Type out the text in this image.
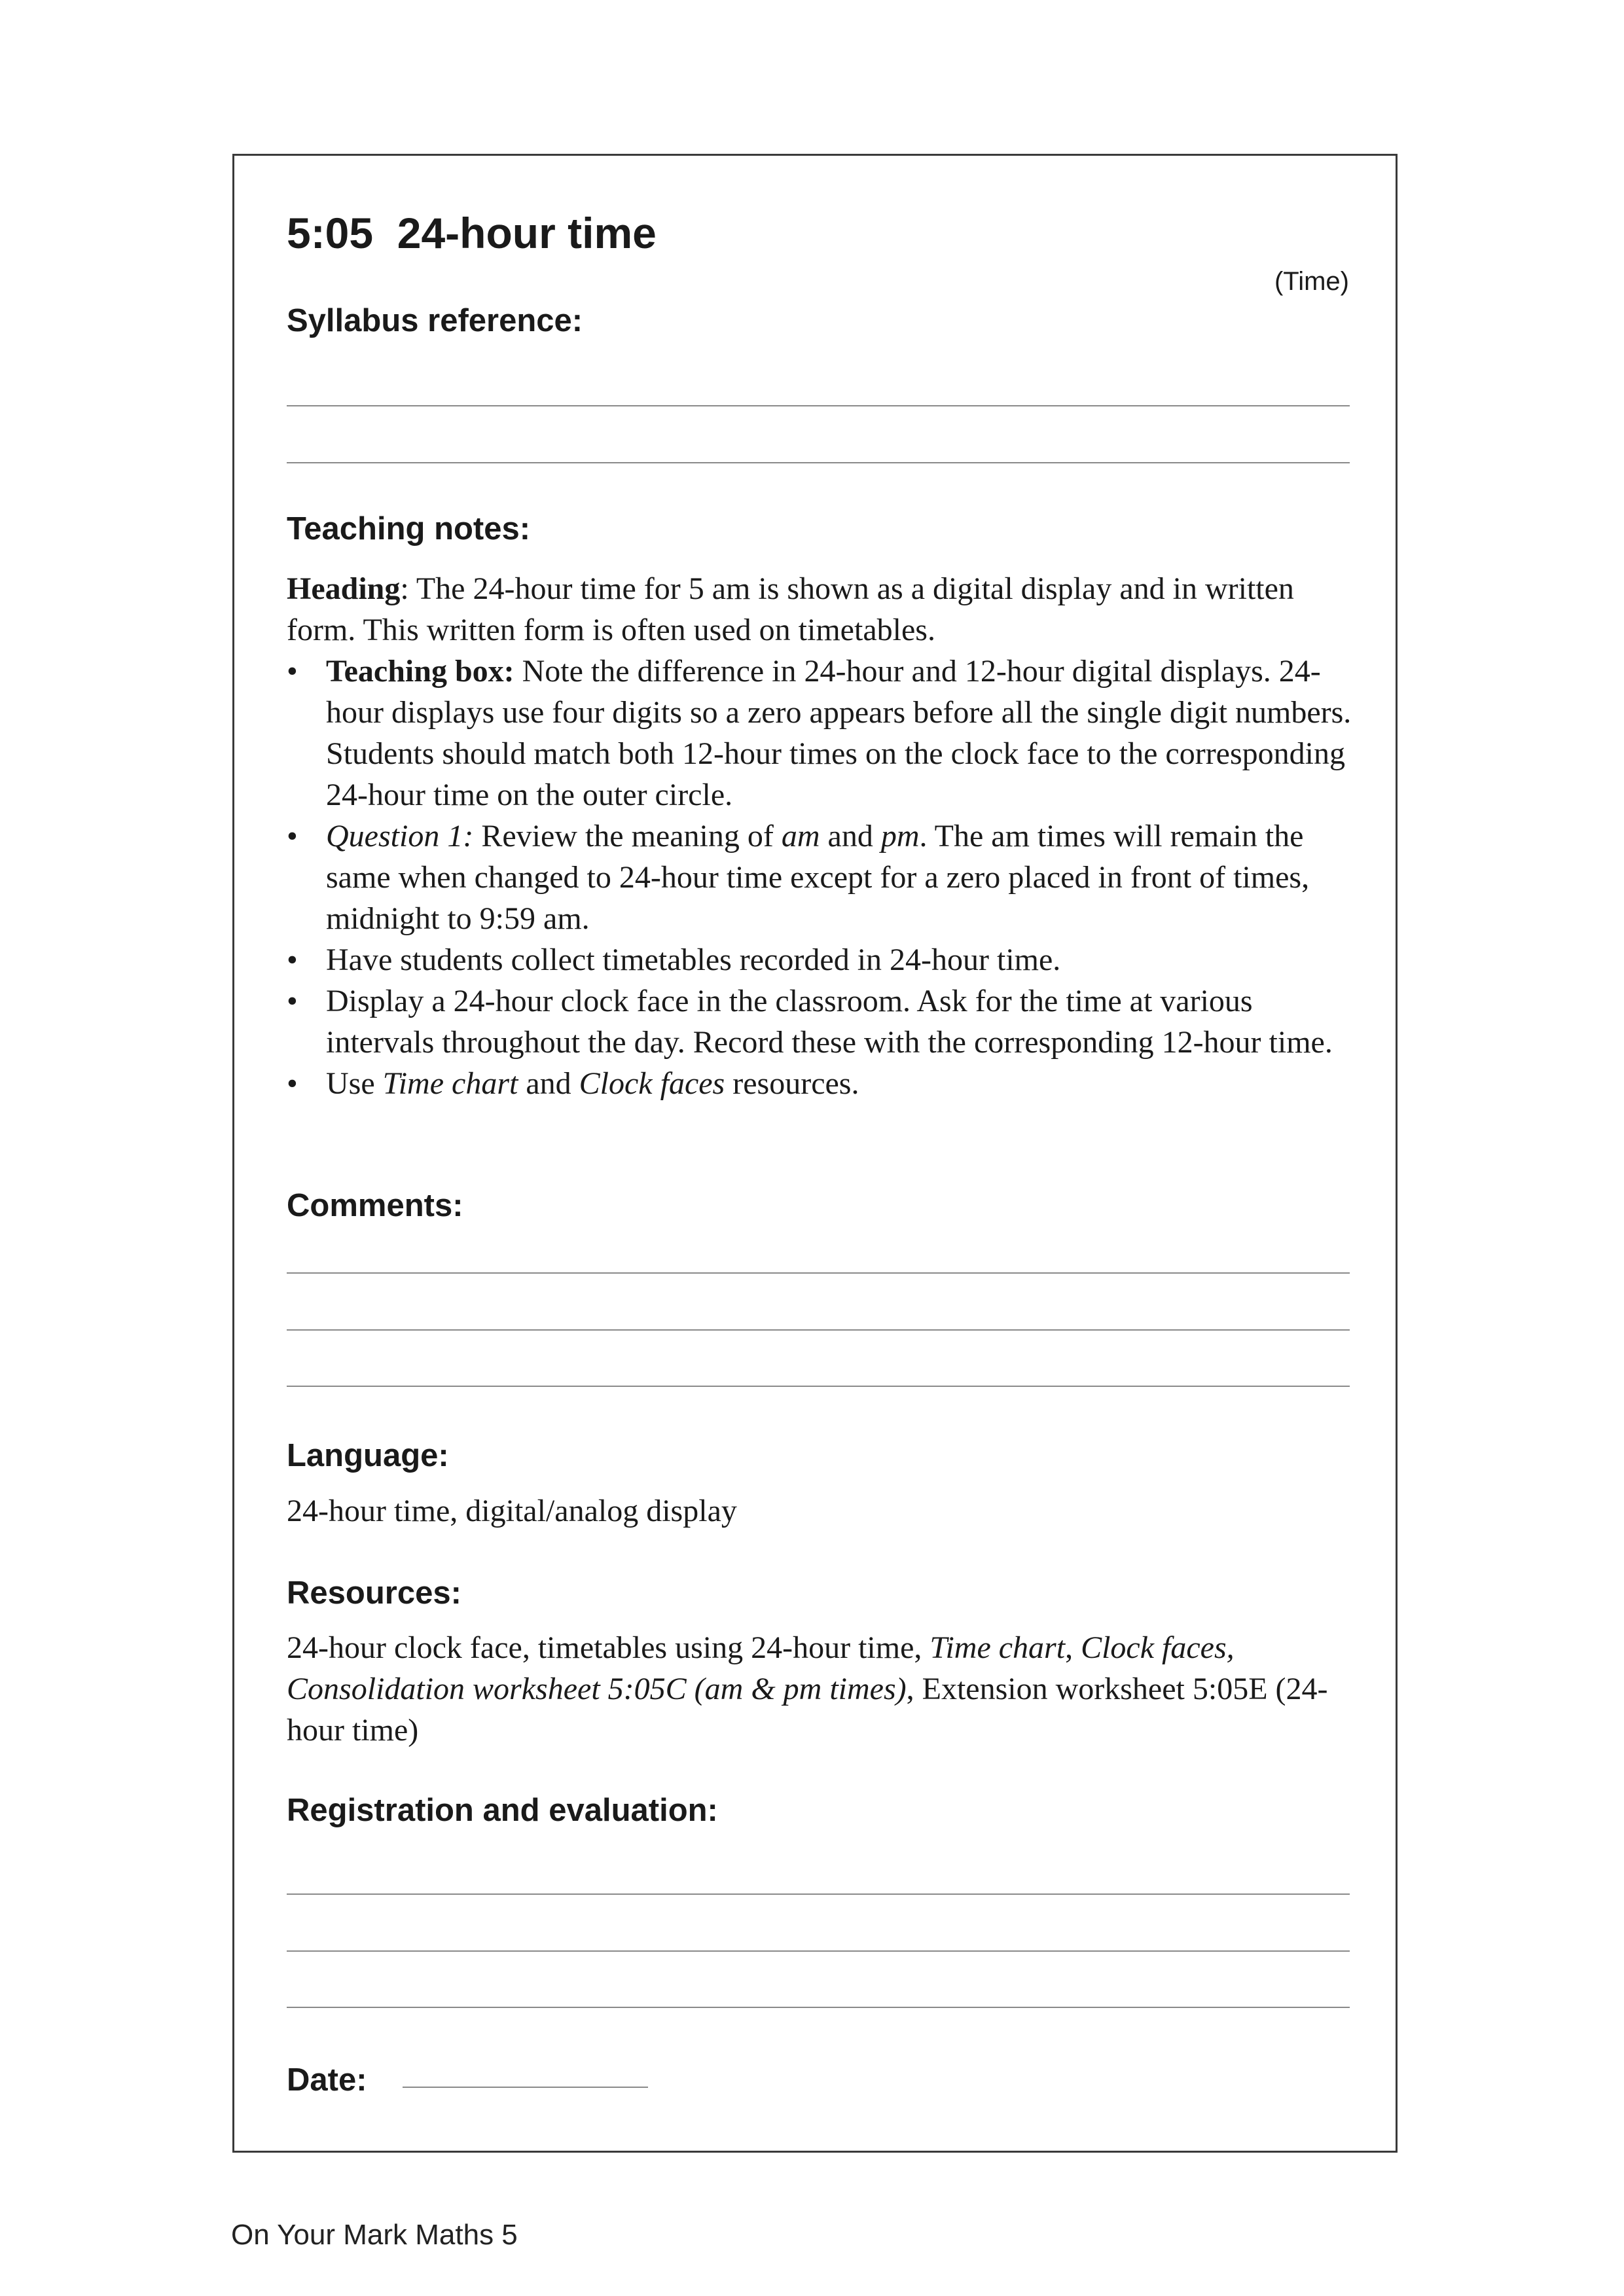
5:05  24-hour time
(Time)
Syllabus reference:
Teaching notes:
Heading: The 24-hour time for 5 am is shown as a digital display and in written form. This written form is often used on timetables.
• Teaching box: Note the difference in 24-hour and 12-hour digital displays. 24-hour displays use four digits so a zero appears before all the single digit numbers. Students should match both 12-hour times on the clock face to the corresponding 24-hour time on the outer circle.
• Question 1: Review the meaning of am and pm. The am times will remain the same when changed to 24-hour time except for a zero placed in front of times, midnight to 9:59 am.
• Have students collect timetables recorded in 24-hour time.
• Display a 24-hour clock face in the classroom. Ask for the time at various intervals throughout the day. Record these with the corresponding 12-hour time.
• Use Time chart and Clock faces resources.
Comments:
Language:
24-hour time, digital/analog display
Resources:
24-hour clock face, timetables using 24-hour time, Time chart, Clock faces, Consolidation worksheet 5:05C (am & pm times), Extension worksheet 5:05E (24-hour time)
Registration and evaluation:
Date:
On Your Mark Maths 5
